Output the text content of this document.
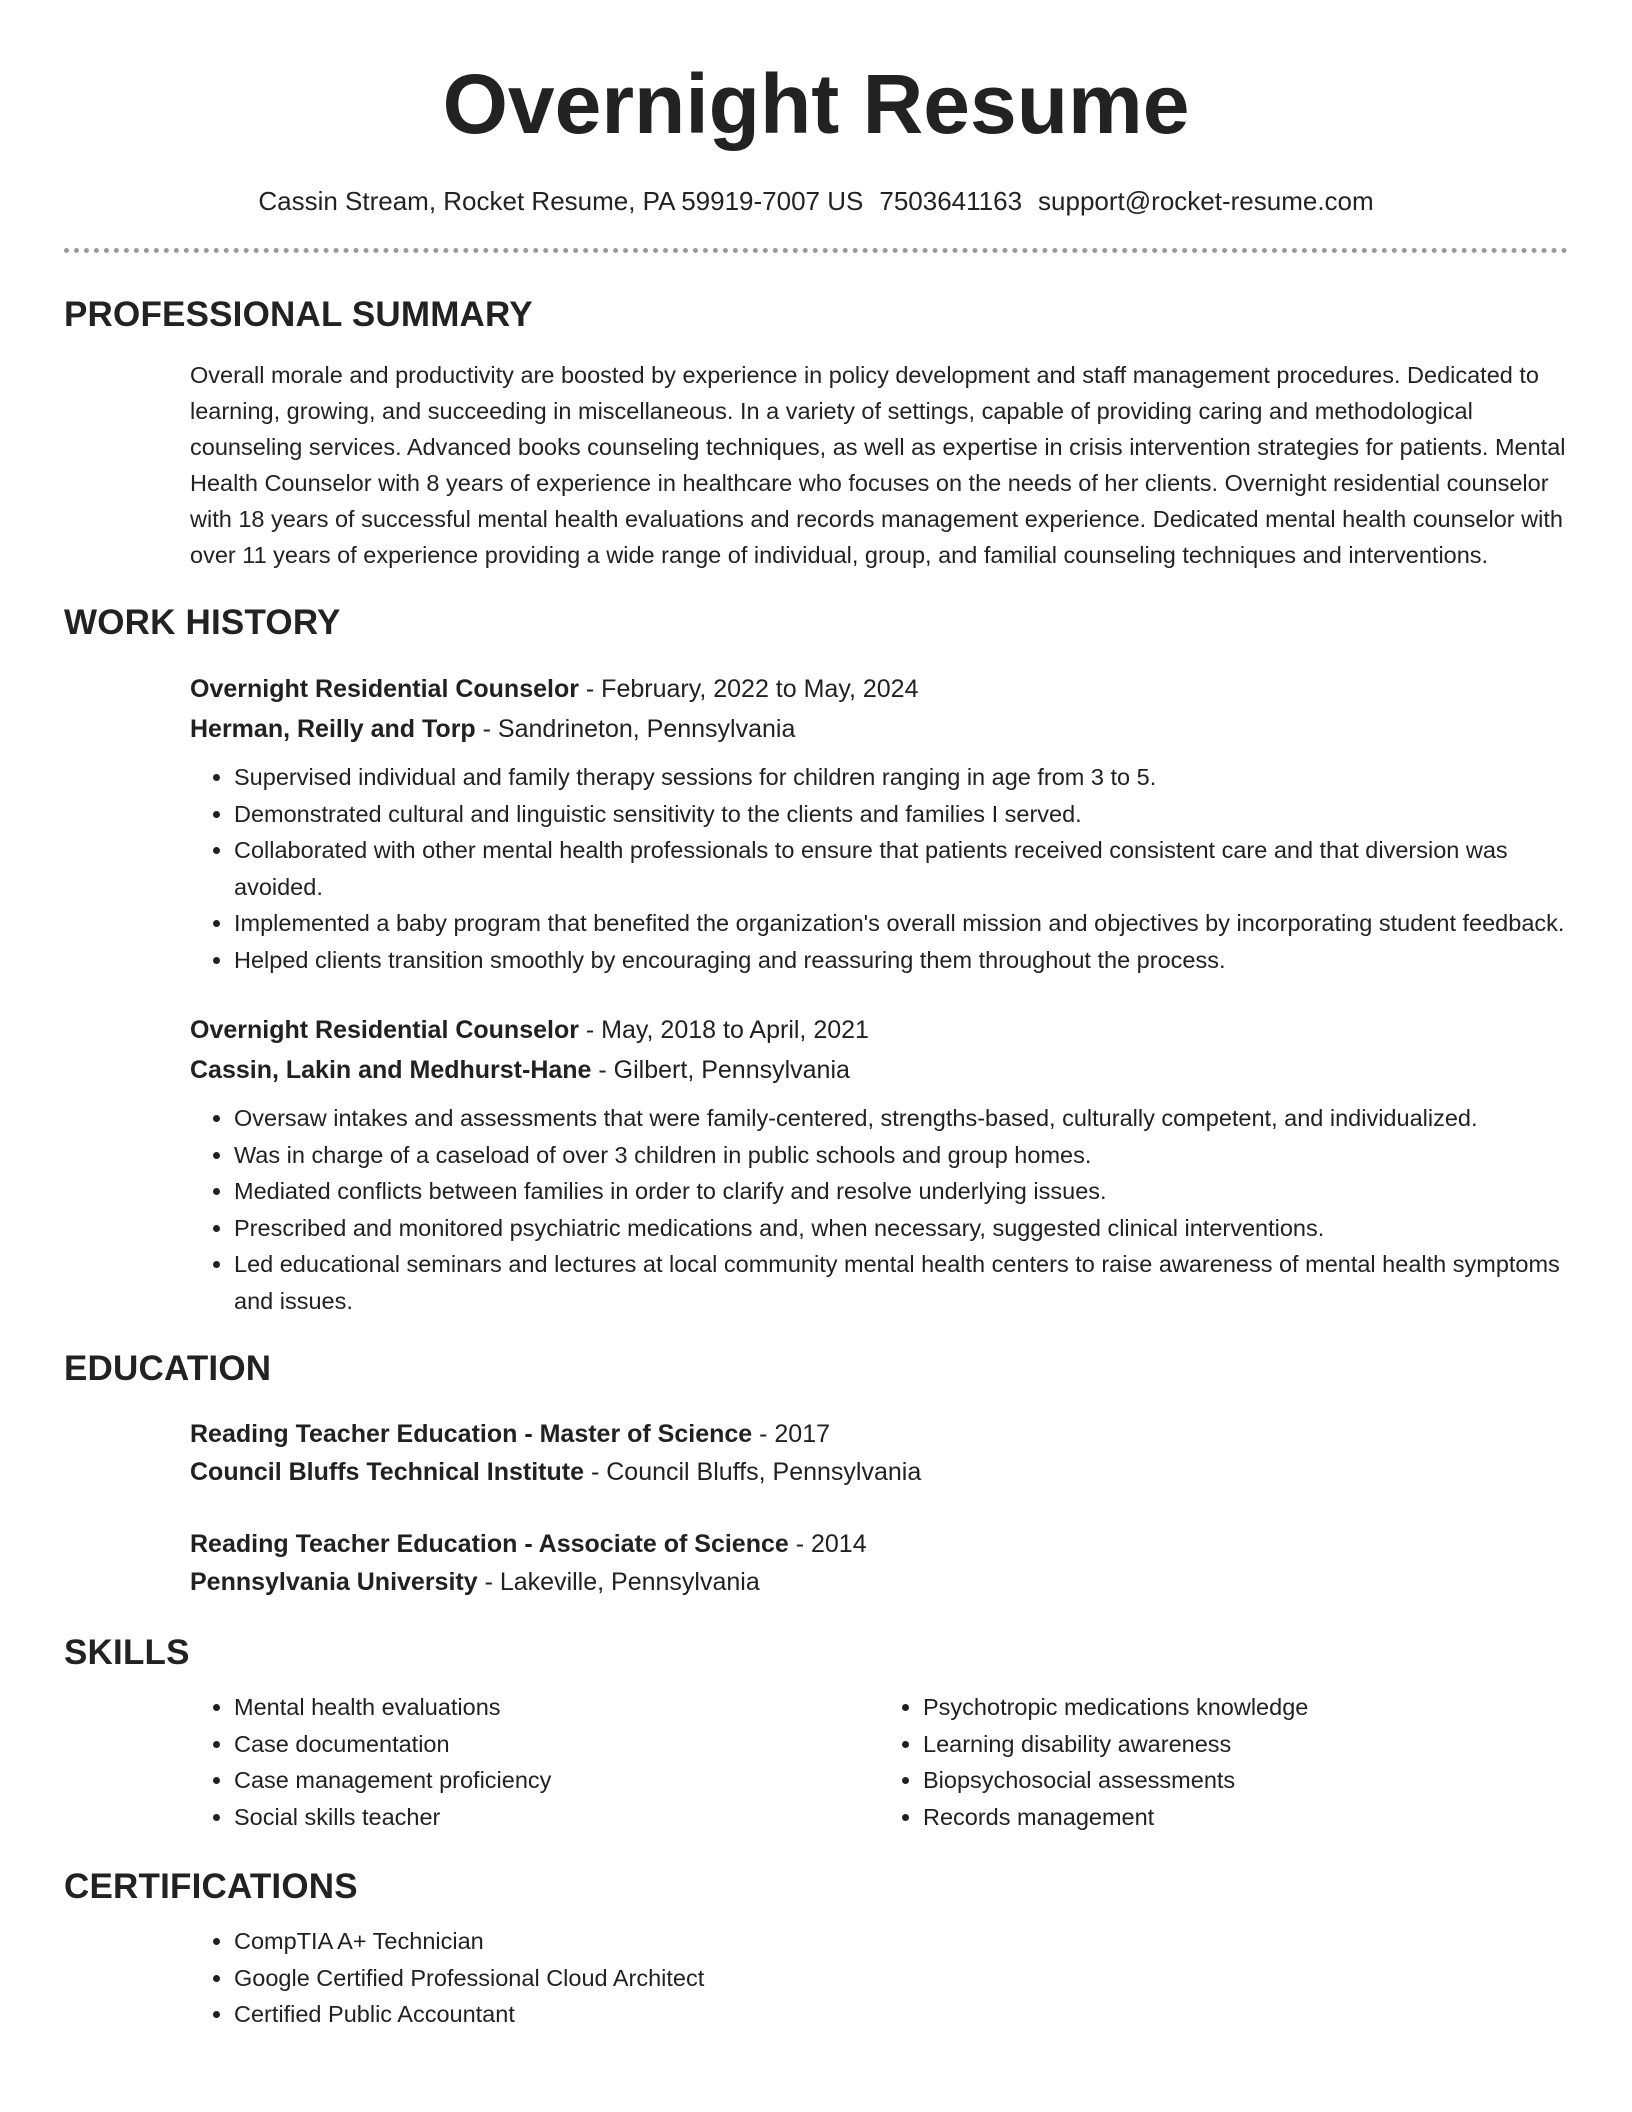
Overnight Resume
Cassin Stream, Rocket Resume, PA 59919-7007 US 7503641163 support@rocket-resume.com
PROFESSIONAL SUMMARY

Overall morale and productivity are boosted by experience in policy development and staff management procedures. Dedicated to learning, growing, and succeeding in miscellaneous. In a variety of settings, capable of providing caring and methodological counseling services. Advanced books counseling techniques, as well as expertise in crisis intervention strategies for patients. Mental Health Counselor with 8 years of experience in healthcare who focuses on the needs of her clients. Overnight residential counselor with 18 years of successful mental health evaluations and records management experience. Dedicated mental health counselor with over 11 years of experience providing a wide range of individual, group, and familial counseling techniques and interventions.

WORK HISTORY
Overnight Residential Counselor - February, 2022 to May, 2024
Herman, Reilly and Torp - Sandrineton, Pennsylvania
• Supervised individual and family therapy sessions for children ranging in age from 3 to 5.
• Demonstrated cultural and linguistic sensitivity to the clients and families I served.
• Collaborated with other mental health professionals to ensure that patients received consistent care and that diversion was avoided.
• Implemented a baby program that benefited the organization's overall mission and objectives by incorporating student feedback.
• Helped clients transition smoothly by encouraging and reassuring them throughout the process.
Overnight Residential Counselor - May, 2018 to April, 2021
Cassin, Lakin and Medhurst-Hane - Gilbert, Pennsylvania
• Oversaw intakes and assessments that were family-centered, strengths-based, culturally competent, and individualized.
• Was in charge of a caseload of over 3 children in public schools and group homes.
• Mediated conflicts between families in order to clarify and resolve underlying issues.
• Prescribed and monitored psychiatric medications and, when necessary, suggested clinical interventions.
• Led educational seminars and lectures at local community mental health centers to raise awareness of mental health symptoms and issues.
EDUCATION
Reading Teacher Education - Master of Science - 2017
Council Bluffs Technical Institute - Council Bluffs, Pennsylvania
Reading Teacher Education - Associate of Science - 2014
Pennsylvania University - Lakeville, Pennsylvania
SKILLS
• Mental health evaluations
• Case documentation
• Case management proficiency
• Social skills teacher
• Psychotropic medications knowledge
• Learning disability awareness
• Biopsychosocial assessments
• Records management
CERTIFICATIONS
• CompTIA A+ Technician
• Google Certified Professional Cloud Architect
• Certified Public Accountant
